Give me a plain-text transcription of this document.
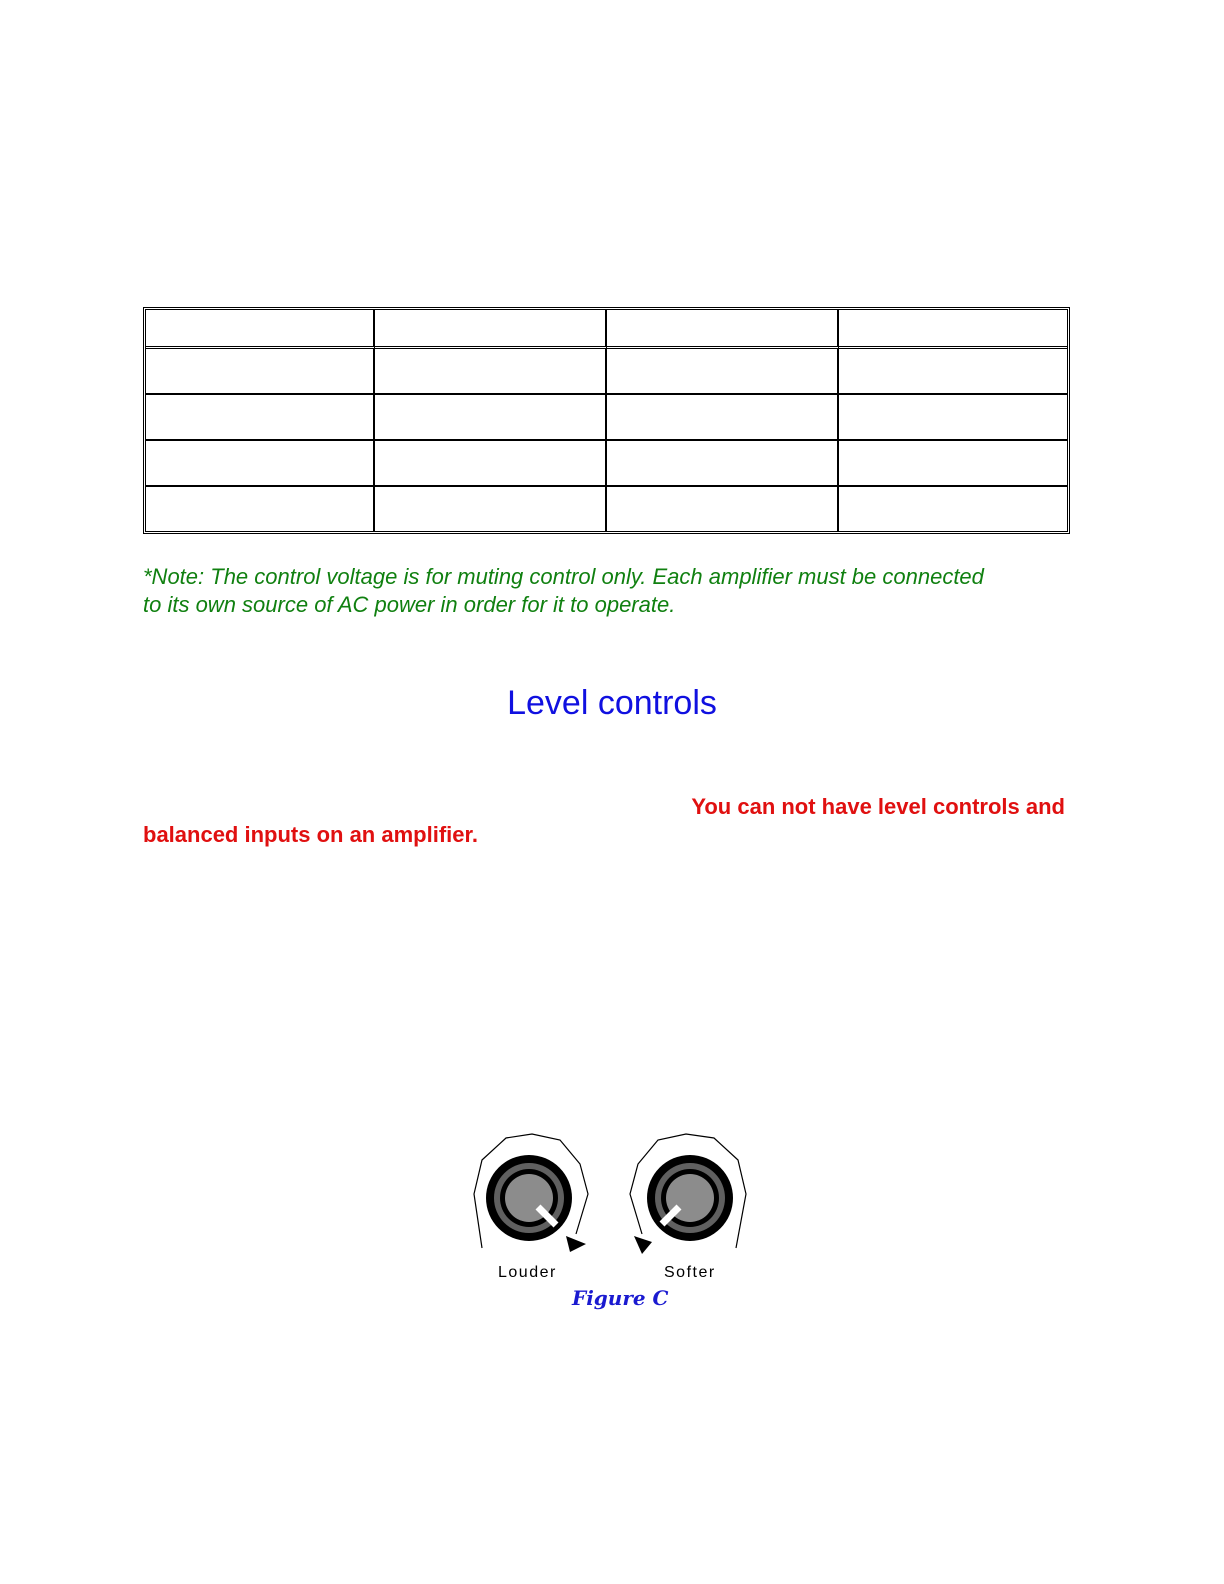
*Note: The control voltage is for muting control only. Each amplifier must be connected
to its own source of AC power in order for it to operate.

Level controls

You can not have level controls and
balanced inputs on an amplifier.

Louder	Softer
Figure C
